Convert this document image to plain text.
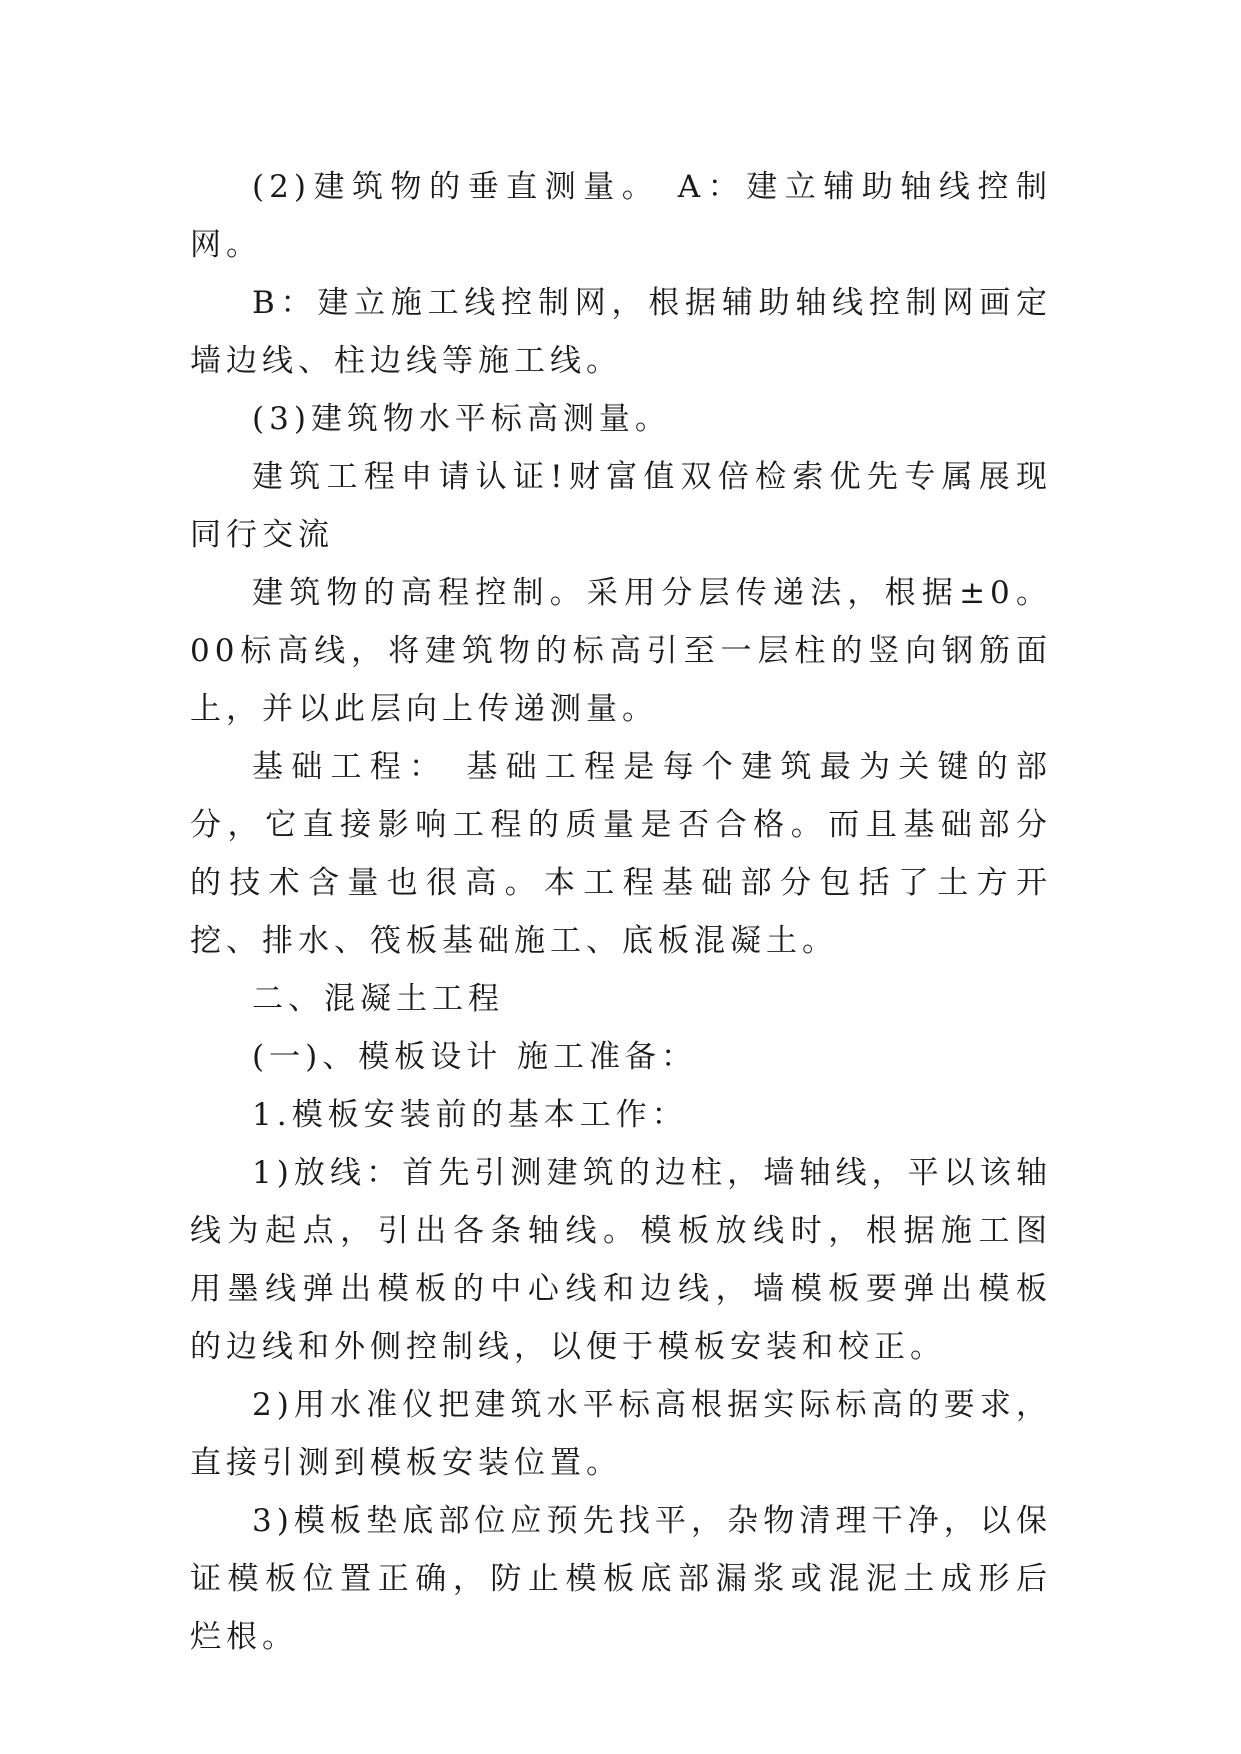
(2)建筑物的垂直测量。 A：建立辅助轴线控制网。

B：建立施工线控制网，根据辅助轴线控制网画定墙边线、柱边线等施工线。

(3)建筑物水平标高测量。

建筑工程申请认证!财富值双倍检索优先专属展现同行交流

建筑物的高程控制。采用分层传递法，根据±0。00标高线，将建筑物的标高引至一层柱的竖向钢筋面上，并以此层向上传递测量。

基础工程： 基础工程是每个建筑最为关键的部分，它直接影响工程的质量是否合格。而且基础部分的技术含量也很高。本工程基础部分包括了土方开挖、排水、筏板基础施工、底板混凝土。

二、混凝土工程

(一)、模板设计 施工准备：

1.模板安装前的基本工作：

1)放线：首先引测建筑的边柱，墙轴线，平以该轴线为起点，引出各条轴线。模板放线时，根据施工图用墨线弹出模板的中心线和边线，墙模板要弹出模板的边线和外侧控制线，以便于模板安装和校正。

2)用水准仪把建筑水平标高根据实际标高的要求，直接引测到模板安装位置。

3)模板垫底部位应预先找平，杂物清理干净，以保证模板位置正确，防止模板底部漏浆或混泥土成形后烂根。
